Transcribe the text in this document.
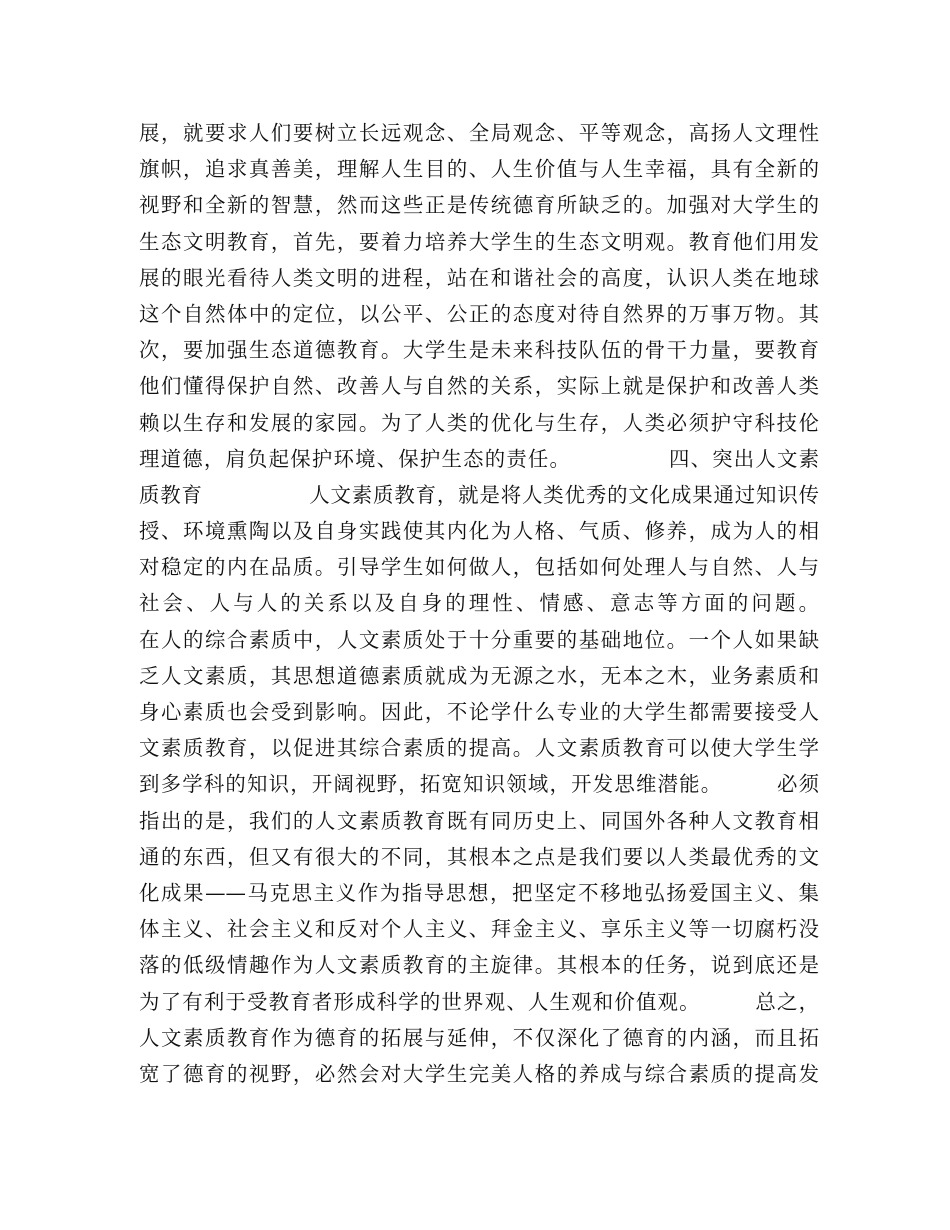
展，就要求人们要树立长远观念、全局观念、平等观念，高扬人文理性
旗帜，追求真善美，理解人生目的、人生价值与人生幸福，具有全新的
视野和全新的智慧，然而这些正是传统德育所缺乏的。加强对大学生的
生态文明教育，首先，要着力培养大学生的生态文明观。教育他们用发
展的眼光看待人类文明的进程，站在和谐社会的高度，认识人类在地球
这个自然体中的定位，以公平、公正的态度对待自然界的万事万物。其
次，要加强生态道德教育。大学生是未来科技队伍的骨干力量，要教育
他们懂得保护自然、改善人与自然的关系，实际上就是保护和改善人类
赖以生存和发展的家园。为了人类的优化与生存，人类必须护守科技伦
理道德，肩负起保护环境、保护生态的责任。　　　　　四、突出人文素
质教育　　　　　人文素质教育，就是将人类优秀的文化成果通过知识传
授、环境熏陶以及自身实践使其内化为人格、气质、修养，成为人的相
对稳定的内在品质。引导学生如何做人，包括如何处理人与自然、人与
社会、人与人的关系以及自身的理性、情感、意志等方面的问题。
在人的综合素质中，人文素质处于十分重要的基础地位。一个人如果缺
乏人文素质，其思想道德素质就成为无源之水，无本之木，业务素质和
身心素质也会受到影响。因此，不论学什么专业的大学生都需要接受人
文素质教育，以促进其综合素质的提高。人文素质教育可以使大学生学
到多学科的知识，开阔视野，拓宽知识领域，开发思维潜能。　　　必须
指出的是，我们的人文素质教育既有同历史上、同国外各种人文教育相
通的东西，但又有很大的不同，其根本之点是我们要以人类最优秀的文
化成果——马克思主义作为指导思想，把坚定不移地弘扬爱国主义、集
体主义、社会主义和反对个人主义、拜金主义、享乐主义等一切腐朽没
落的低级情趣作为人文素质教育的主旋律。其根本的任务，说到底还是
为了有利于受教育者形成科学的世界观、人生观和价值观。　　　总之，
人文素质教育作为德育的拓展与延伸，不仅深化了德育的内涵，而且拓
宽了德育的视野，必然会对大学生完美人格的养成与综合素质的提高发
